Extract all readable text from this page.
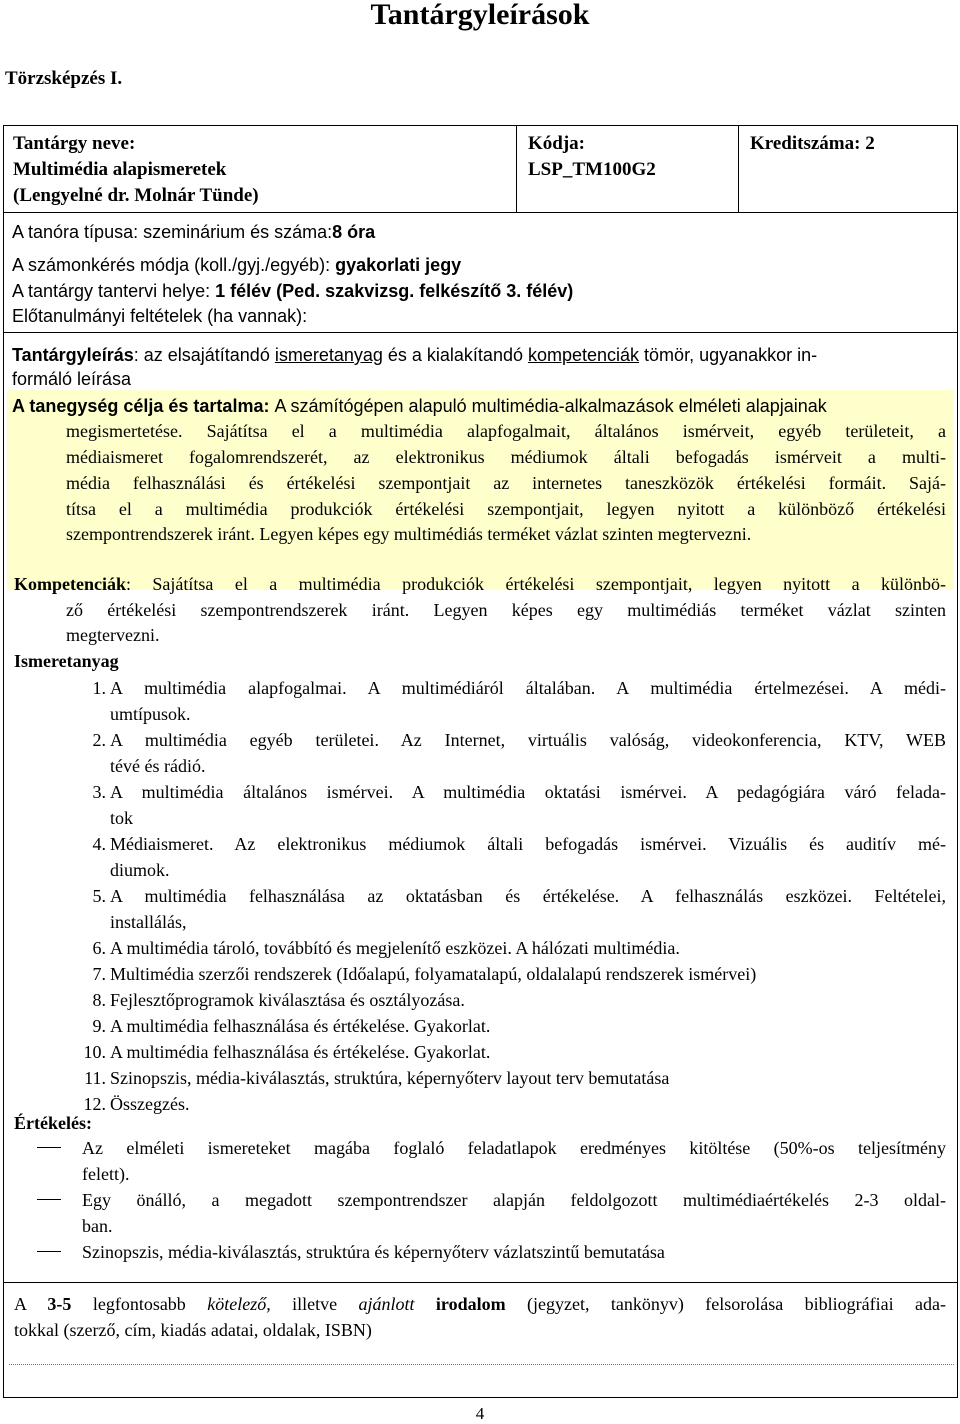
Tantárgyleírások
Törzsképzés I.
Tantárgy neve:
Multimédia alapismeretek
(Lengyelné dr. Molnár Tünde)
Kódja:
LSP_TM100G2
Kreditszáma: 2
A tanóra típusa: szeminárium és száma:8 óra
A számonkérés módja (koll./gyj./egyéb): gyakorlati jegy
A tantárgy tantervi helye: 1 félév (Ped. szakvizsg. felkészítő 3. félév)
Előtanulmányi feltételek (ha vannak):
Tantárgyleírás: az elsajátítandó ismeretanyag és a kialakítandó kompetenciák tömör, ugyanakkor in-
formáló leírása
A tanegység célja és tartalma: A számítógépen alapuló multimédia-alkalmazások elméleti alapjainak
megismertetése. Sajátítsa el a multimédia alapfogalmait, általános ismérveit, egyéb területeit, a
médiaismeret fogalomrendszerét, az elektronikus médiumok általi befogadás ismérveit a multi-
média felhasználási és értékelési szempontjait az internetes taneszközök értékelési formáit. Sajá-
títsa el a multimédia produkciók értékelési szempontjait, legyen nyitott a különböző értékelési
szempontrendszerek iránt. Legyen képes egy multimédiás terméket vázlat szinten megtervezni.
Kompetenciák: Sajátítsa el a multimédia produkciók értékelési szempontjait, legyen nyitott a különbö-
ző értékelési szempontrendszerek iránt. Legyen képes egy multimédiás terméket vázlat szinten
megtervezni.
Ismeretanyag
1. A multimédia alapfogalmai. A multimédiáról általában. A multimédia értelmezései. A médi-
umtípusok.
2. A multimédia egyéb területei. Az Internet, virtuális valóság, videokonferencia, KTV, WEB
tévé és rádió.
3. A multimédia általános ismérvei. A multimédia oktatási ismérvei. A pedagógiára váró felada-
tok
4. Médiaismeret. Az elektronikus médiumok általi befogadás ismérvei. Vizuális és auditív mé-
diumok.
5. A multimédia felhasználása az oktatásban és értékelése. A felhasználás eszközei. Feltételei,
installálás,
6. A multimédia tároló, továbbító és megjelenítő eszközei. A hálózati multimédia.
7. Multimédia szerzői rendszerek (Időalapú, folyamatalapú, oldalalapú rendszerek ismérvei)
8. Fejlesztőprogramok kiválasztása és osztályozása.
9. A multimédia felhasználása és értékelése. Gyakorlat.
10. A multimédia felhasználása és értékelése. Gyakorlat.
11. Szinopszis, média-kiválasztás, struktúra, képernyőterv layout terv bemutatása
12. Összegzés.
Értékelés:
Az elméleti ismereteket magába foglaló feladatlapok eredményes kitöltése (50%-os teljesítmény
felett).
Egy önálló, a megadott szempontrendszer alapján feldolgozott multimédiaértékelés 2-3 oldal-
ban.
Szinopszis, média-kiválasztás, struktúra és képernyőterv vázlatszintű bemutatása
A 3-5 legfontosabb kötelező, illetve ajánlott irodalom (jegyzet, tankönyv) felsorolása bibliográfiai ada-
tokkal (szerző, cím, kiadás adatai, oldalak, ISBN)
4
